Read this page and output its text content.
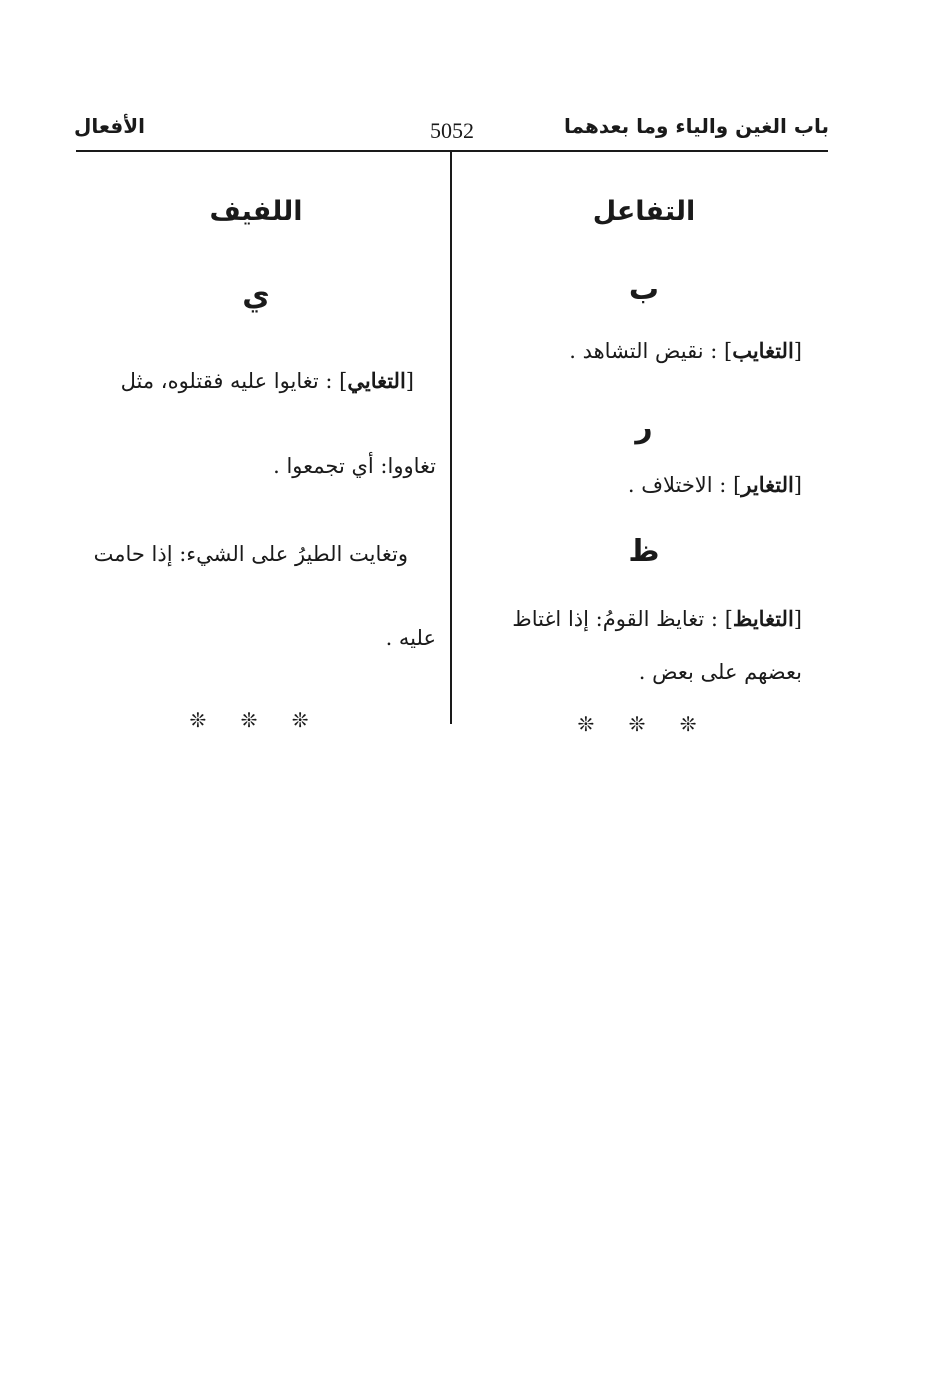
باب الغين والياء وما بعدهما
5052
الأفعال
التفاعل
ب
[التغايب] : نقيض التشاهد .
ر
[التغاير] : الاختلاف .
ظ
[التغايظ] : تغايظ القومُ: إذا اغتاظ
بعضهم على بعض .
❊ ❊ ❊
اللفيف
ي
[التغايي] : تغايوا عليه فقتلوه، مثل
تغاووا: أي تجمعوا .
وتغايت الطيرُ على الشيء: إذا حامت
عليه .
❊ ❊ ❊
